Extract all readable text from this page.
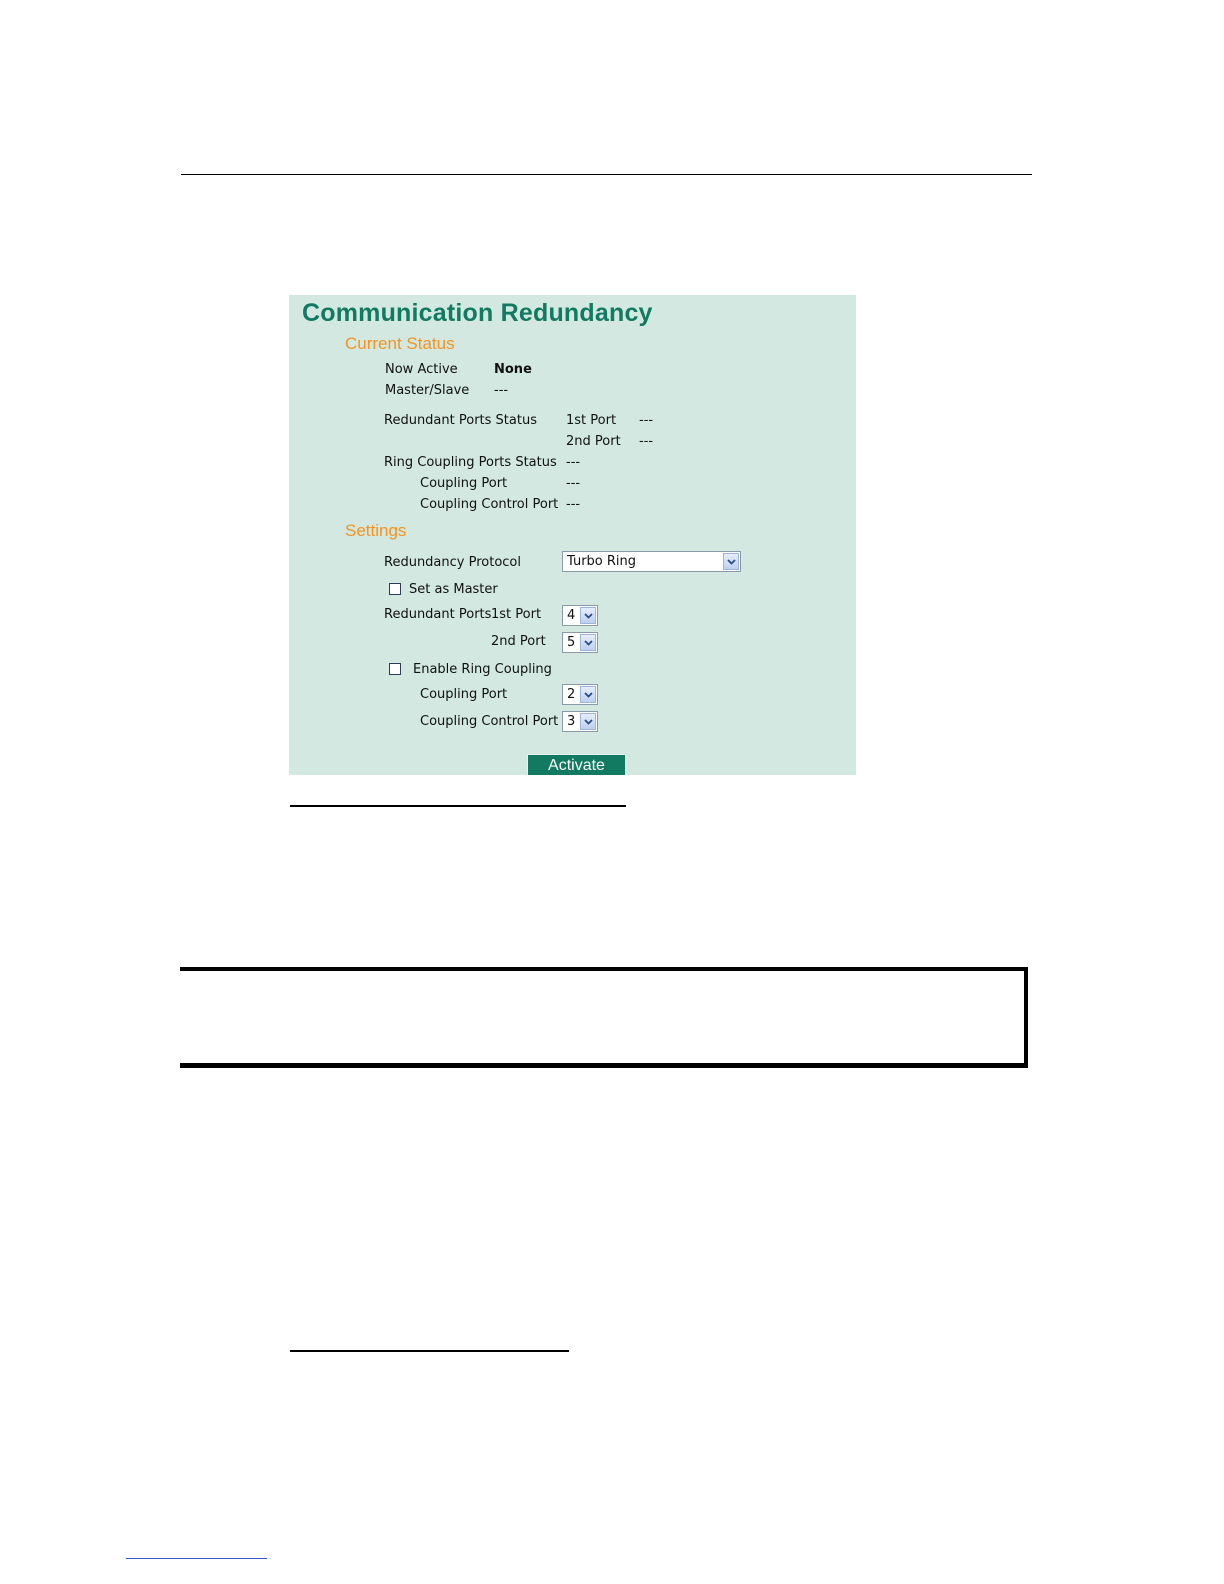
Communication Redundancy
Current Status
Now Active	None
Master/Slave ---
Redundant Ports Status 1st Port ---
2nd Port ---
Ring Coupling Ports Status ---
Coupling Port	---
Coupling Control Port ---
Settings
Redundancy Protocol	Turbo Ring
Set as Master
Redundant Ports 1st Port 4
2nd Port 5
Enable Ring Coupling
Coupling Port	2
Coupling Control Port 3
Activate
